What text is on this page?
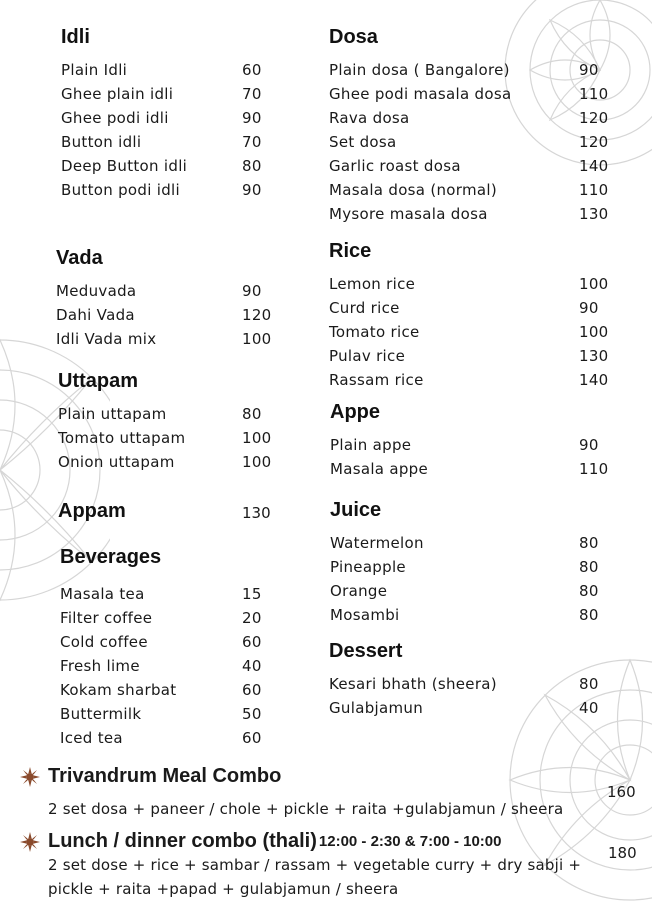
Idli
Plain Idli	60
Ghee plain idli	70
Ghee podi idli	90
Button idli	70
Deep Button idli	80
Button podi idli	90
Vada
Meduvada	90
Dahi Vada	120
Idli Vada mix	100
Uttapam
Plain uttapam	80
Tomato uttapam	100
Onion uttapam	100
Appam	130
Beverages
Masala tea	15
Filter coffee	20
Cold coffee	60
Fresh lime	40
Kokam sharbat	60
Buttermilk	50
Iced tea	60
Dosa
Plain dosa ( Bangalore)	90
Ghee podi masala dosa	110
Rava dosa	120
Set dosa	120
Garlic roast dosa	140
Masala dosa (normal)	110
Mysore masala dosa	130
Rice
Lemon rice	100
Curd rice	90
Tomato rice	100
Pulav rice	130
Rassam rice	140
Appe
Plain appe	90
Masala appe	110
Juice
Watermelon	80
Pineapple	80
Orange	80
Mosambi	80
Dessert
Kesari bhath (sheera)	80
Gulabjamun	40
Trivandrum Meal Combo
2 set dosa + paneer / chole + pickle + raita +gulabjamun / sheera
160
Lunch / dinner combo (thali) 12:00 - 2:30 & 7:00 - 10:00
2 set dose + rice + sambar / rassam + vegetable curry + dry sabji + pickle + raita +papad + gulabjamun / sheera
180
